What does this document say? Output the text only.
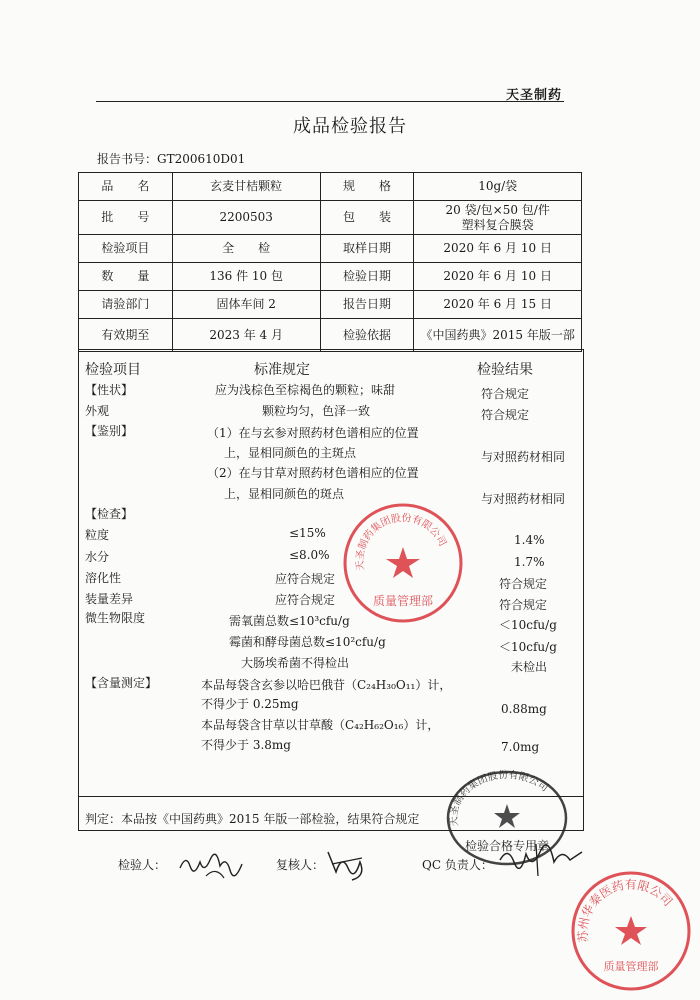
天圣制药
成品检验报告
报告书号：GT200610D01
品　　名	玄麦甘桔颗粒	规　　格	10g/袋
批　　号	2200503	包　　装	20 袋/包×50 包/件
塑料复合膜袋

检验项目	全　　检	取样日期	2020 年 6 月 10 日
数　　量	136 件 10 包	检验日期	2020 年 6 月 10 日
请验部门	固体车间 2	报告日期	2020 年 6 月 15 日
有效期至	2023 年 4 月	检验依据	《中国药典》2015 年版一部
检验项目	标准规定	检验结果
【性状】	应为浅棕色至棕褐色的颗粒；味甜	符合规定
外观	颗粒均匀，色泽一致	符合规定
【鉴别】	（1）在与玄参对照药材色谱相应的位置
上，显相同颜色的主斑点	与对照药材相同
（2）在与甘草对照药材色谱相应的位置
上，显相同颜色的斑点	与对照药材相同
【检查】
粒度	≤15%	1.4%
水分	≤8.0%	1.7%
溶化性	应符合规定	符合规定
装量差异	应符合规定	符合规定
微生物限度	需氧菌总数≤10³cfu/g	＜10cfu/g
霉菌和酵母菌总数≤10²cfu/g	＜10cfu/g
大肠埃希菌不得检出	未检出
【含量测定】	本品每袋含玄参以哈巴俄苷（C₂₄H₃₀O₁₁）计，
不得少于 0.25mg	0.88mg
本品每袋含甘草以甘草酸（C₄₂H₆₂O₁₆）计，
不得少于 3.8mg	7.0mg
判定：本品按《中国药典》2015 年版一部检验，结果符合规定
检验人：	复核人：	QC 负责人：
天圣制药集团股份有限公司
质量管理部
天圣制药集团股份有限公司
检验合格专用章
苏州华秦医药有限公司
质量管理部
